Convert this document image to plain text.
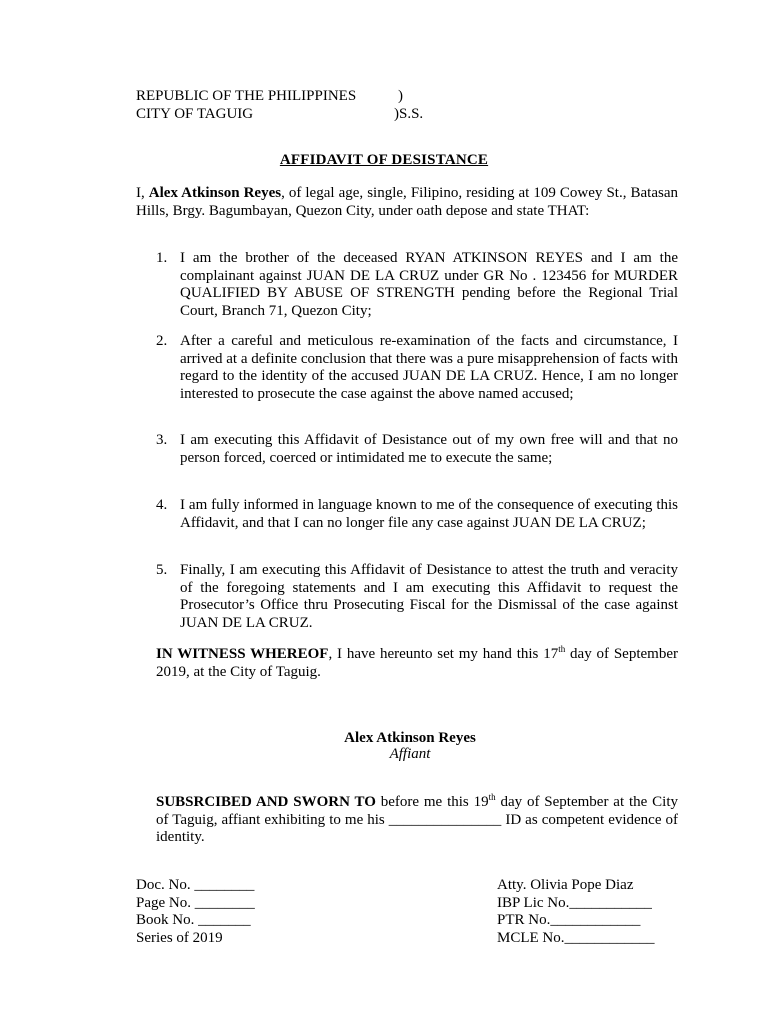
REPUBLIC OF THE PHILIPPINES	)
CITY OF TAGUIG	)S.S.
AFFIDAVIT OF DESISTANCE
I, Alex Atkinson Reyes, of legal age, single, Filipino, residing at 109 Cowey St., Batasan Hills, Brgy. Bagumbayan, Quezon City, under oath depose and state THAT:
1. I am the brother of the deceased RYAN ATKINSON REYES and I am the complainant against JUAN DE LA CRUZ under GR No . 123456 for MURDER QUALIFIED BY ABUSE OF STRENGTH pending before the Regional Trial Court, Branch 71, Quezon City;
2. After a careful and meticulous re-examination of the facts and circumstance, I arrived at a definite conclusion that there was a pure misapprehension of facts with regard to the identity of the accused JUAN DE LA CRUZ. Hence, I am no longer interested to prosecute the case against the above named accused;
3. I am executing this Affidavit of Desistance out of my own free will and that no person forced, coerced or intimidated me to execute the same;
4. I am fully informed in language known to me of the consequence of executing this Affidavit, and that I can no longer file any case against JUAN DE LA CRUZ;
5. Finally, I am executing this Affidavit of Desistance to attest the truth and veracity of the foregoing statements and I am executing this Affidavit to request the Prosecutor’s Office thru Prosecuting Fiscal for the Dismissal of the case against JUAN DE LA CRUZ.
IN WITNESS WHEREOF, I have hereunto set my hand this 17th day of September 2019, at the City of Taguig.
Alex Atkinson Reyes
Affiant
SUBSRCIBED AND SWORN TO before me this 19th day of September at the City of Taguig, affiant exhibiting to me his _______________ ID as competent evidence of identity.
Doc. No. ________
Page No. ________
Book No. _______
Series of 2019
Atty. Olivia Pope Diaz
IBP Lic No.___________
PTR No.____________
MCLE No.____________
